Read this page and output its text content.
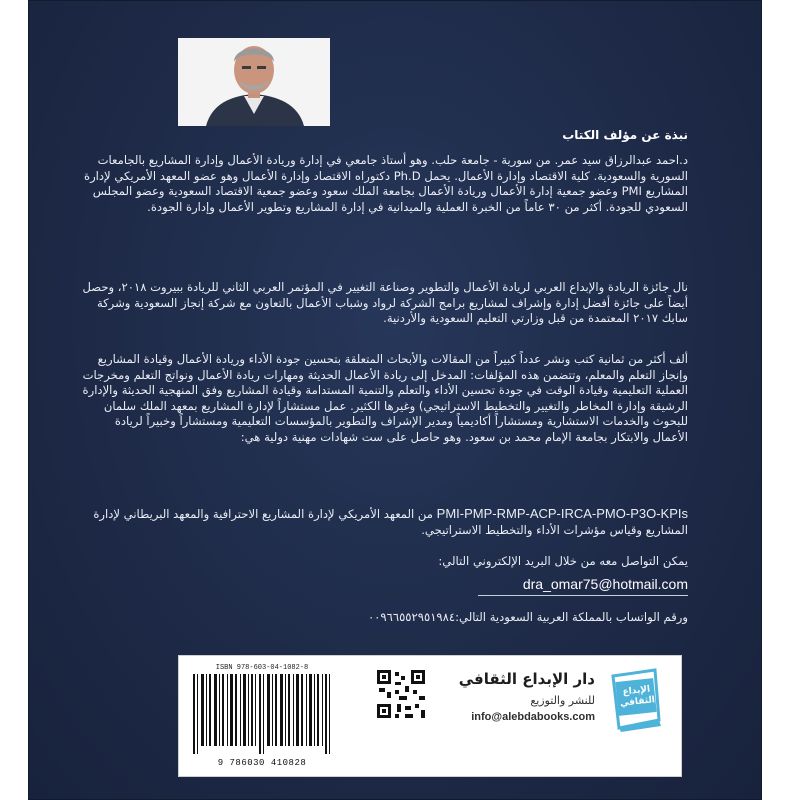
نبذة عن مؤلف الكتاب
د.احمد عبدالرزاق سيد عمر. من سورية - جامعة حلب. وهو أستاذ جامعي في إدارة وريادة الأعمال وإدارة المشاريع بالجامعات السورية والسعودية. كلية الاقتصاد وإدارة الأعمال. يحمل Ph.D دكتوراه الاقتصاد وإدارة الأعمال وهو عضو المعهد الأمريكي لإدارة المشاريع PMI وعضو جمعية إدارة الأعمال وريادة الأعمال بجامعة الملك سعود وعضو جمعية الاقتصاد السعودية وعضو المجلس السعودي للجودة. أكثر من ٣٠ عاماً من الخبرة العملية والميدانية في إدارة المشاريع وتطوير الأعمال وإدارة الجودة.
نال جائزة الريادة والإبداع العربي لريادة الأعمال والتطوير وصناعة التغيير في المؤتمر العربي الثاني للريادة ببيروت ٢٠١٨، وحصل أيضاً على جائزة أفضل إدارة وإشراف لمشاريع برامج الشركة لرواد وشباب الأعمال بالتعاون مع شركة إنجاز السعودية وشركة سابك ٢٠١٧ المعتمدة من قبل وزارتي التعليم السعودية والأردنية.
ألف أكثر من ثمانية كتب ونشر عدداً كبيراً من المقالات والأبحاث المتعلقة بتحسين جودة الأداء وريادة الأعمال وقيادة المشاريع وإنجاز التعلم والمعلم، وتتضمن هذه المؤلفات: المدخل إلى ريادة الأعمال الحديثة ومهارات ريادة الأعمال ونواتج التعلم ومخرجات العملية التعليمية وقيادة الوقت في جودة تحسين الأداء والتعلم والتنمية المستدامة وقيادة المشاريع وفق المنهجية الحديثة والإدارة الرشيقة وإدارة المخاطر والتغيير والتخطيط الاستراتيجي) وغيرها الكثير. عمل مستشاراً لإدارة المشاريع بمعهد الملك سلمان للبحوث والخدمات الاستشارية ومستشاراً أكاديمياً ومدير الإشراف والتطوير بالمؤسسات التعليمية ومستشاراً وخبيراً لريادة الأعمال والابتكار بجامعة الإمام محمد بن سعود. وهو حاصل على ست شهادات مهنية دولية هي:
PMI-PMP-RMP-ACP-IRCA-PMO-P3O-KPIs من المعهد الأمريكي لإدارة المشاريع الاحترافية والمعهد البريطاني لإدارة المشاريع وقياس مؤشرات الأداء والتخطيط الاستراتيجي.
يمكن التواصل معه من خلال البريد الإلكتروني التالي:
dra_omar75@hotmail.com
ورقم الواتساب بالمملكة العربية السعودية التالي:٠٠٩٦٦٥٥٢٩٥١٩٨٤
الإبداع الثقافي
دار الإبداع الثقافي
للنشر والتوزيع
info@alebdabooks.com
ISBN 978-603-04-1082-8
9 786030 410828
